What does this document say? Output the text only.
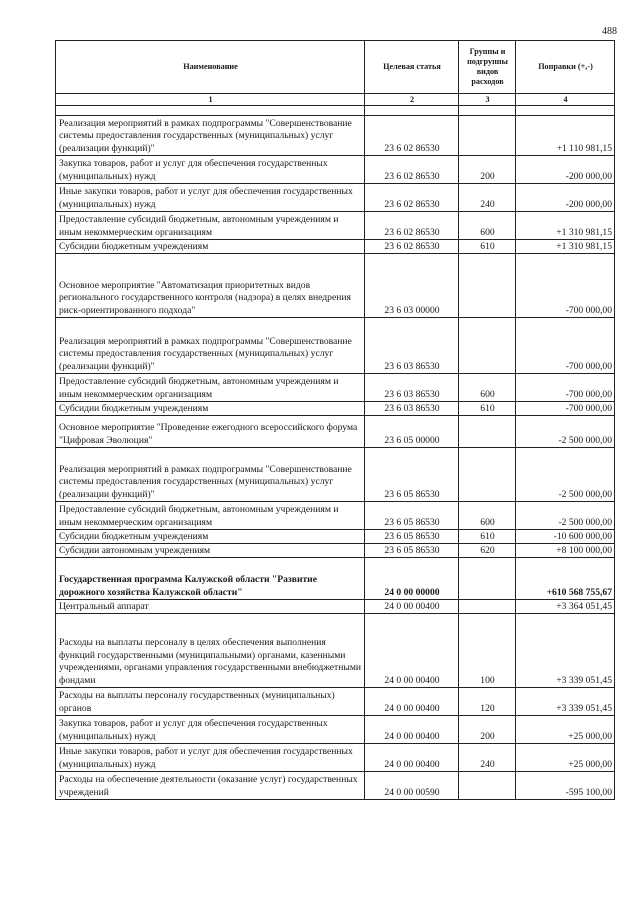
488
Наименование	Целевая статья	Группы и подгруппы видов расходов	Поправки (+,-)
1	2	3	4

Реализация мероприятий в рамках подпрограммы "Совершенствование системы предоставления государственных (муниципальных) услуг (реализации функций)"	23 6 02 86530		+1 110 981,15
Закупка товаров, работ и услуг для обеспечения государственных (муниципальных) нужд	23 6 02 86530	200	-200 000,00
Иные закупки товаров, работ и услуг для обеспечения государственных (муниципальных) нужд	23 6 02 86530	240	-200 000,00
Предоставление субсидий бюджетным, автономным учреждениям и иным некоммерческим организациям	23 6 02 86530	600	+1 310 981,15
Субсидии бюджетным учреждениям	23 6 02 86530	610	+1 310 981,15
Основное мероприятие "Автоматизация приоритетных видов регионального государственного контроля (надзора) в целях внедрения риск-ориентированного подхода"	23 6 03 00000		-700 000,00
Реализация мероприятий в рамках подпрограммы "Совершенствование системы предоставления государственных (муниципальных) услуг (реализации функций)"	23 6 03 86530		-700 000,00
Предоставление субсидий бюджетным, автономным учреждениям и иным некоммерческим организациям	23 6 03 86530	600	-700 000,00
Субсидии бюджетным учреждениям	23 6 03 86530	610	-700 000,00
Основное мероприятие "Проведение ежегодного всероссийского форума "Цифровая Эволюция"	23 6 05 00000		-2 500 000,00
Реализация мероприятий в рамках подпрограммы "Совершенствование системы предоставления государственных (муниципальных) услуг (реализации функций)"	23 6 05 86530		-2 500 000,00
Предоставление субсидий бюджетным, автономным учреждениям и иным некоммерческим организациям	23 6 05 86530	600	-2 500 000,00
Субсидии бюджетным учреждениям	23 6 05 86530	610	-10 600 000,00
Субсидии автономным учреждениям	23 6 05 86530	620	+8 100 000,00
Государственная программа Калужской области "Развитие дорожного хозяйства Калужской области"	24 0 00 00000		+610 568 755,67
Центральный аппарат	24 0 00 00400		+3 364 051,45
Расходы на выплаты персоналу в целях обеспечения выполнения функций государственными (муниципальными) органами, казенными учреждениями, органами управления государственными внебюджетными фондами	24 0 00 00400	100	+3 339 051,45
Расходы на выплаты персоналу государственных (муниципальных) органов	24 0 00 00400	120	+3 339 051,45
Закупка товаров, работ и услуг для обеспечения государственных (муниципальных) нужд	24 0 00 00400	200	+25 000,00
Иные закупки товаров, работ и услуг для обеспечения государственных (муниципальных) нужд	24 0 00 00400	240	+25 000,00
Расходы на обеспечение деятельности (оказание услуг) государственных учреждений	24 0 00 00590		-595 100,00
